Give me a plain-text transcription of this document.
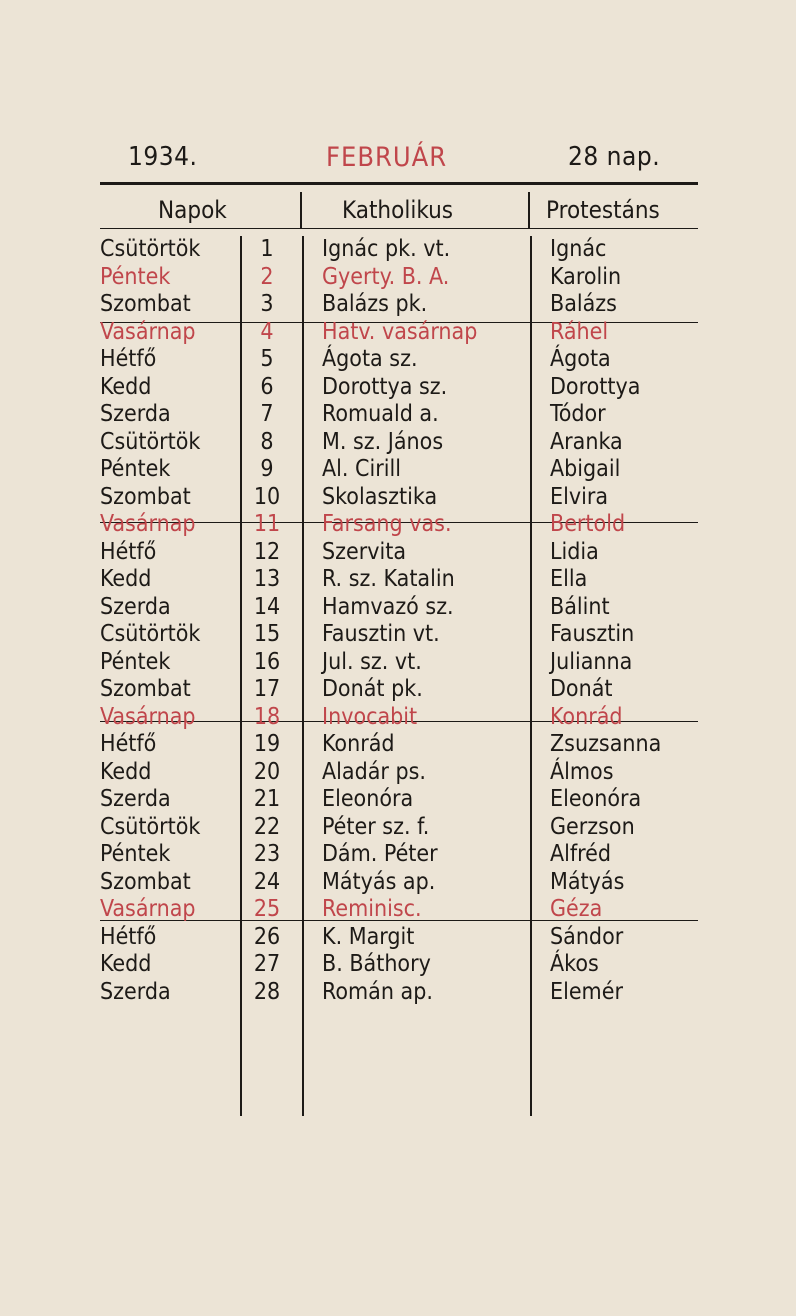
1934.	FEBRUÁR	28 nap.
Napok	Katholikus	Protestáns
Csütörtök	1	Ignác pk. vt.	Ignác
Péntek	2	Gyerty. B. A.	Karolin
Szombat	3	Balázs pk.	Balázs
Vasárnap	4	Hatv. vasárnap	Ráhel
Hétfő	5	Ágota sz.	Ágota
Kedd	6	Dorottya sz.	Dorottya
Szerda	7	Romuald a.	Tódor
Csütörtök	8	M. sz. János	Aranka
Péntek	9	Al. Cirill	Abigail
Szombat	10 Skolasztika	Elvira
Vasárnap	11 Farsang vas.	Bertold
Hétfő	12 Szervita	Lidia
Kedd	13 R. sz. Katalin	Ella
Szerda	14 Hamvazó sz.	Bálint
Csütörtök 15 Fausztin vt.	Fausztin
Péntek	16 Jul. sz. vt.	Julianna
Szombat	17 Donát pk.	Donát
Vasárnap	18 Invocabit	Konrád
Hétfő	19 Konrád	Zsuzsanna
Kedd	20 Aladár ps.	Álmos
Szerda	21 Eleonóra	Eleonóra
Csütörtök 22 Péter sz. f.	Gerzson
Péntek	23 Dám. Péter	Alfréd
Szombat	24 Mátyás ap.	Mátyás
Vasárnap	25 Reminisc.	Géza
Hétfő	26 K. Margit	Sándor
Kedd	27 B. Báthory	Ákos
Szerda	28 Román ap.	Elemér
